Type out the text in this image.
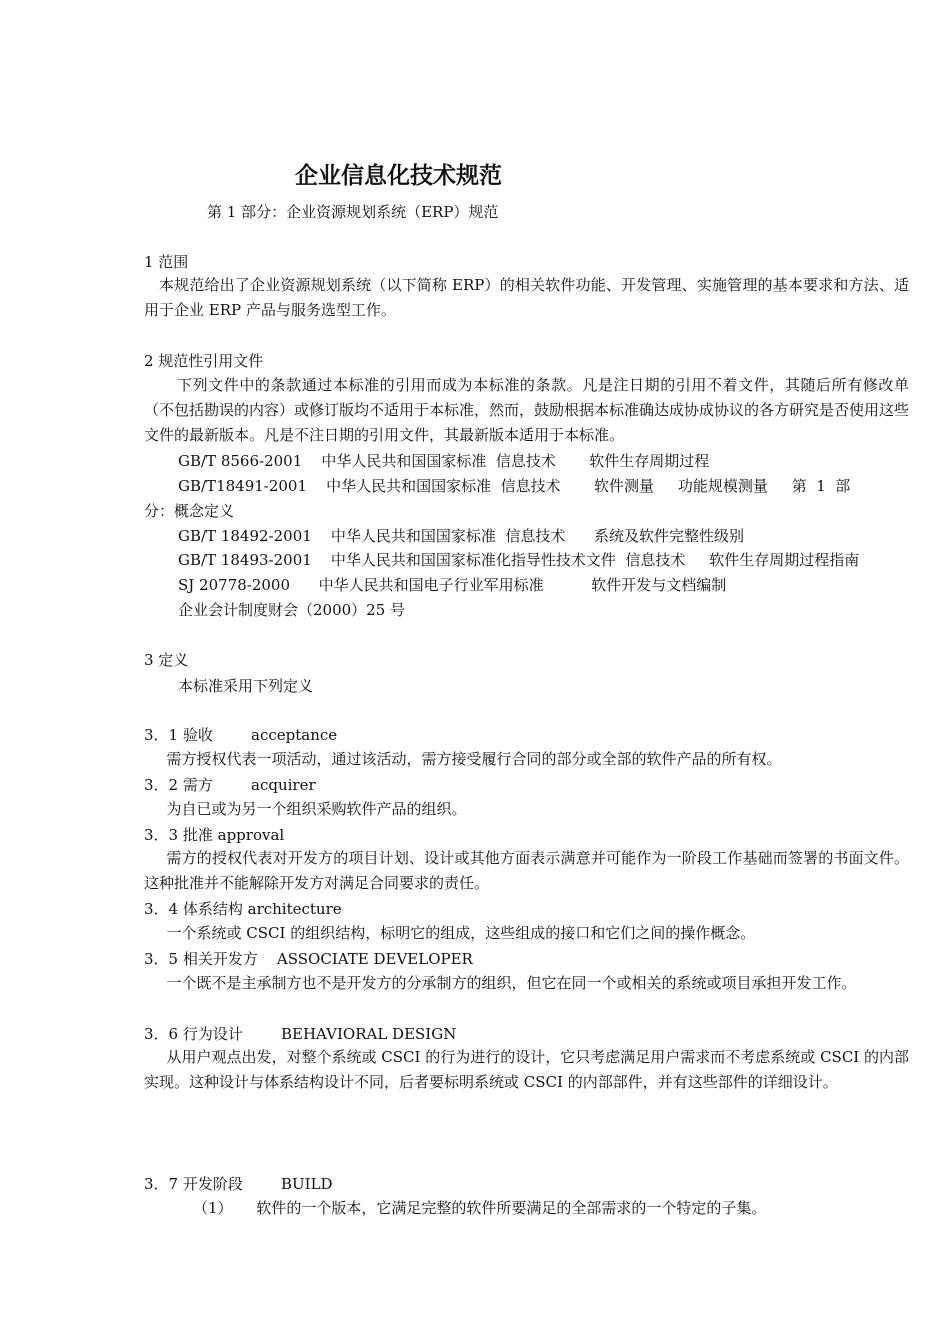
企业信息化技术规范
第 1 部分：企业资源规划系统（ERP）规范
1 范围
本规范给出了企业资源规划系统（以下简称 ERP）的相关软件功能、开发管理、实施管理的基本要求和方法、适用于企业 ERP 产品与服务选型工作。
2 规范性引用文件
下列文件中的条款通过本标准的引用而成为本标准的条款。凡是注日期的引用不着文件，其随后所有修改单（不包括勘误的内容）或修订版均不适用于本标准，然而，鼓励根据本标准确达成协成协议的各方研究是否使用这些文件的最新版本。凡是不注日期的引用文件，其最新版本适用于本标准。
GB/T 8566-2001    中华人民共和国国家标准  信息技术       软件生存周期过程
GB/T18491-2001    中华人民共和国国家标准  信息技术       软件测量     功能规模测量     第  1  部
分：概念定义
GB/T 18492-2001    中华人民共和国国家标准  信息技术      系统及软件完整性级别
GB/T 18493-2001    中华人民共和国国家标准化指导性技术文件  信息技术     软件生存周期过程指南
SJ 20778-2000      中华人民共和国电子行业军用标准          软件开发与文档编制
企业会计制度财会（2000）25 号
3 定义
本标准采用下列定义
3．1 验收        acceptance
需方授权代表一项活动，通过该活动，需方接受履行合同的部分或全部的软件产品的所有权。
3．2 需方        acquirer
为自已或为另一个组织采购软件产品的组织。
3．3 批准 approval
需方的授权代表对开发方的项目计划、设计或其他方面表示满意并可能作为一阶段工作基础而签署的书面文件。这种批准并不能解除开发方对满足合同要求的责任。
3．4 体系结构 architecture
一个系统或 CSCI 的组织结构，标明它的组成，这些组成的接口和它们之间的操作概念。
3．5 相关开发方    ASSOCIATE DEVELOPER
一个既不是主承制方也不是开发方的分承制方的组织，但它在同一个或相关的系统或项目承担开发工作。
3．6 行为设计        BEHAVIORAL DESIGN
从用户观点出发，对整个系统或 CSCI 的行为进行的设计，它只考虑满足用户需求而不考虑系统或 CSCI 的内部实现。这种设计与体系结构设计不同，后者要标明系统或 CSCI 的内部部件，并有这些部件的详细设计。
3．7 开发阶段        BUILD
（1）     软件的一个版本，它满足完整的软件所要满足的全部需求的一个特定的子集。
